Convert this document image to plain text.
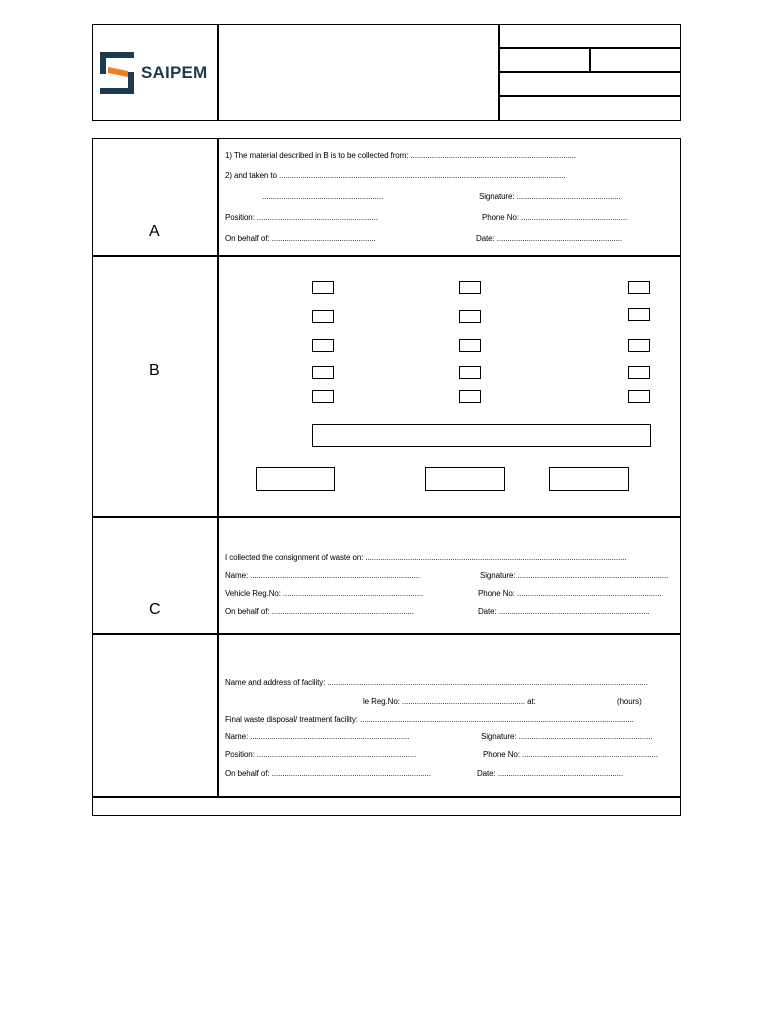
SAIPEM
A
1) The material described in B is to be collected from: ..............................................................................
2) and taken to .......................................................................................................................................
.........................................................	Signature: .................................................
Position: .........................................................	Phone No: ..................................................
On behalf of: .................................................	Date: ...........................................................
B
C
I collected the consignment of waste on: ...........................................................................................................................
Name: ................................................................................	Signature: .......................................................................
Vehicle Reg.No: ..................................................................	Phone No: ....................................................................
On behalf of: ...................................................................	Date: .......................................................................
Name and address of facility: .......................................................................................................................................................
le Reg.No: .......................................................... at:	(hours)
Final waste disposal/ treatment facility: .................................................................................................................................
Name: ...........................................................................	Signature: ...............................................................
Position: ...........................................................................	Phone No: ................................................................
On behalf of: ...........................................................................	Date: ...........................................................
